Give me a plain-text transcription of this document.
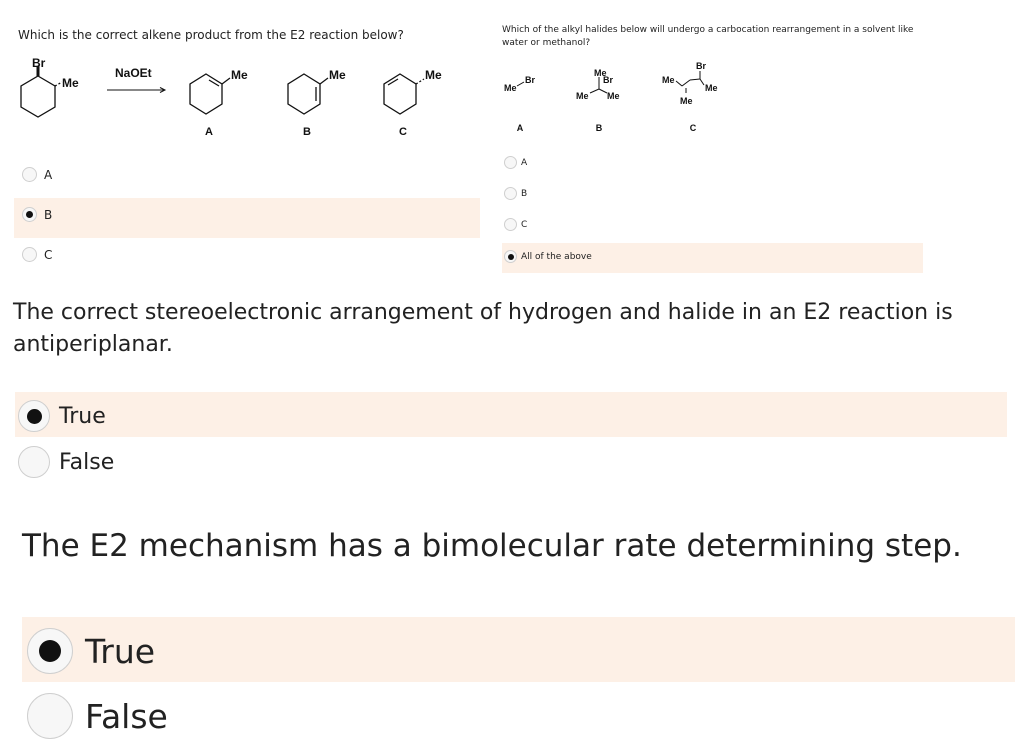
Which is the correct alkene product from the E2 reaction below?
Br
Me
NaOEt	Me	Me	Me
A	B	C
A
B
C
Which of the alkyl halides below will undergo a carbocation rearrangement in a solvent like
water or methanol?
Me
Br
Me
Br
Me Me
Br
Me
Me
Me
A	B	C
A
B
C
All of the above
The correct stereoelectronic arrangement of hydrogen and halide in an E2 reaction is
antiperiplanar.
True
False
The E2 mechanism has a bimolecular rate determining step.
True
False
